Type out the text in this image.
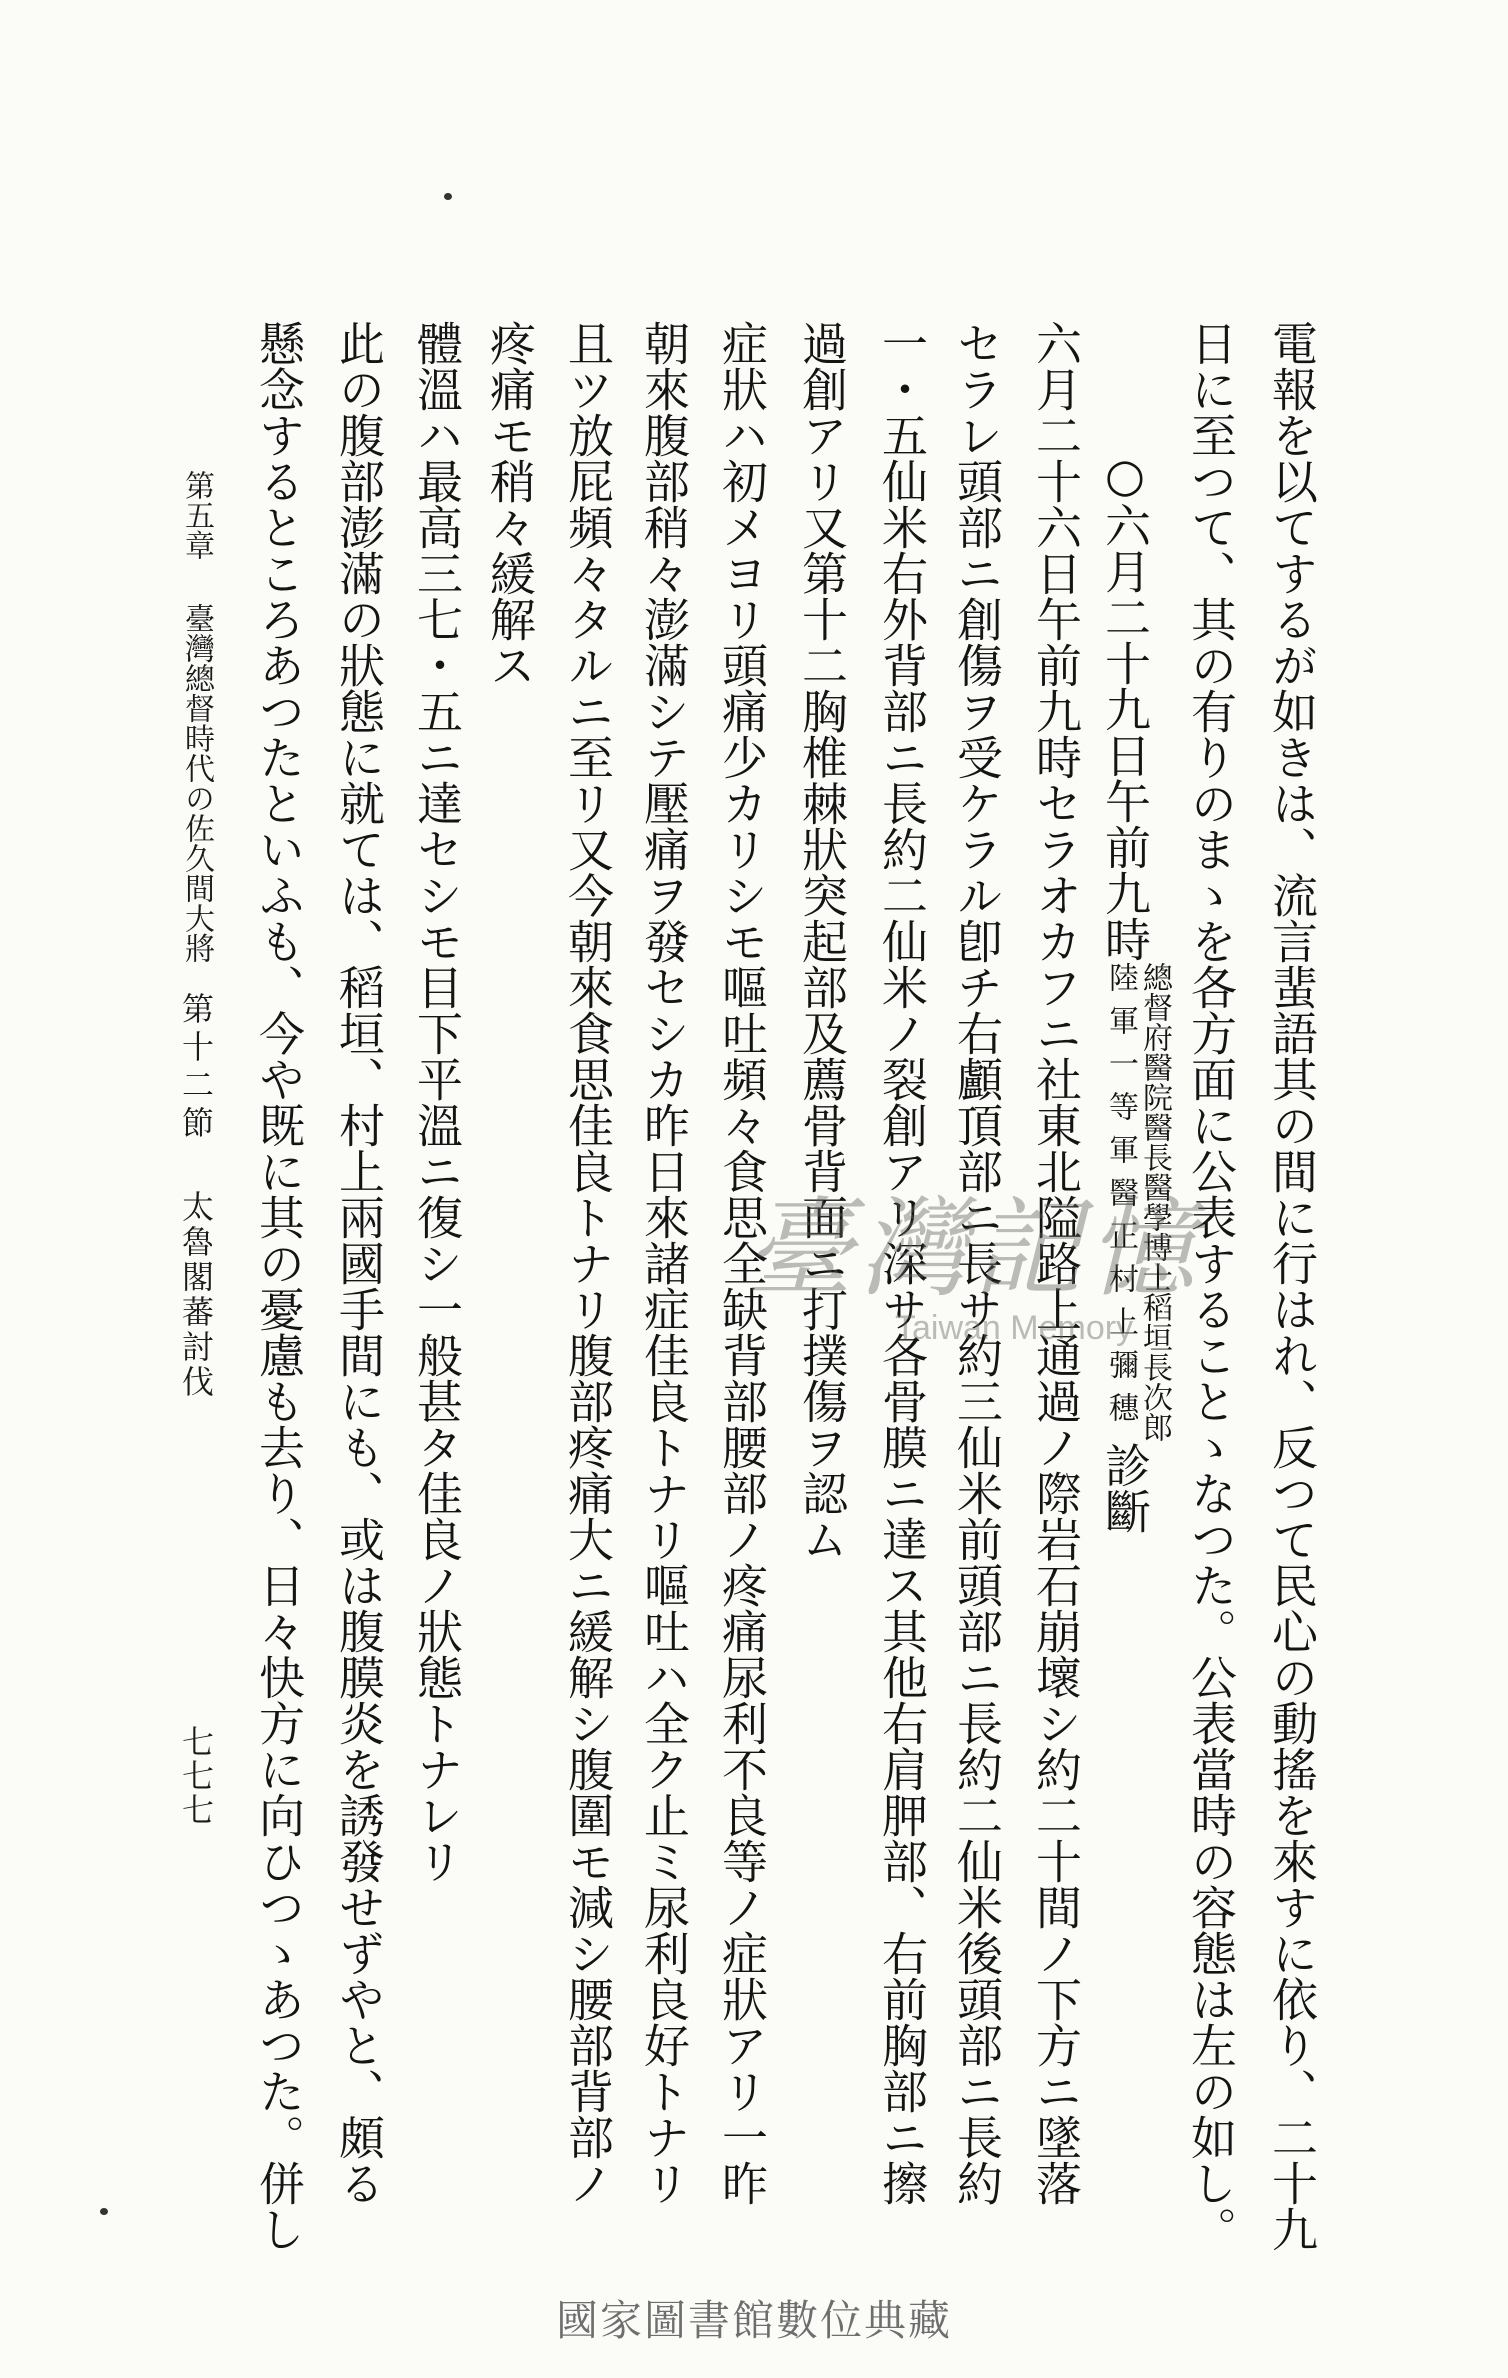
電報を以てするが如きは、流言蜚語其の間に行はれ、反つて民心の動搖を來すに依り、二十九
日に至つて、其の有りのまゝを各方面に公表することゝなつた。公表當時の容態は左の如し。
○六月二十九日午前九時
總督府醫院醫長醫學博士稻垣長次郎
陸軍一等軍醫正村上彌穗
診斷
六月二十六日午前九時セラオカフニ社東北隘路上通過ノ際岩石崩壞シ約二十間ノ下方ニ墜落
セラレ頭部ニ創傷ヲ受ケラル卽チ右顱頂部ニ長サ約三仙米前頭部ニ長約二仙米後頭部ニ長約
一・五仙米右外背部ニ長約二仙米ノ裂創アリ深サ各骨膜ニ達ス其他右肩胛部、右前胸部ニ擦
過創アリ又第十二胸椎棘狀突起部及薦骨背面ニ打撲傷ヲ認ム
症狀ハ初メヨリ頭痛少カリシモ嘔吐頻々食思全缺背部腰部ノ疼痛尿利不良等ノ症狀アリ一昨
朝來腹部稍々澎滿シテ壓痛ヲ發セシカ昨日來諸症佳良トナリ嘔吐ハ全ク止ミ尿利良好トナリ
且ツ放屁頻々タルニ至リ又今朝來食思佳良トナリ腹部疼痛大ニ緩解シ腹圍モ減シ腰部背部ノ
疼痛モ稍々緩解ス
體溫ハ最高三七・五ニ達セシモ目下平溫ニ復シ一般甚タ佳良ノ狀態トナレリ
此の腹部澎滿の狀態に就ては、稻垣、村上兩國手間にも、或は腹膜炎を誘發せずやと、頗る
懸念するところあつたといふも、今や既に其の憂慮も去り、日々快方に向ひつゝあつた。併し
第五章
臺灣總督時代の佐久間大將
第十二節
太魯閣蕃討伐
七七七
臺灣記憶
Taiwan Memory
國家圖書館數位典藏
